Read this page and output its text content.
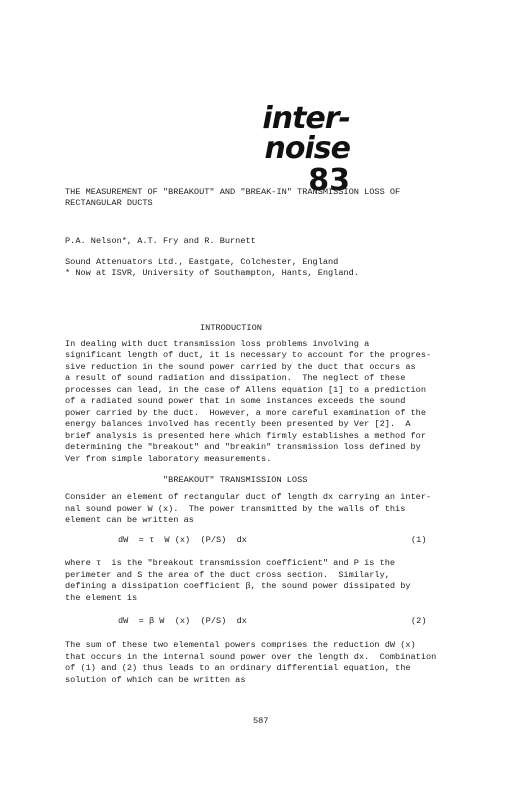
inter-noise
83
THE MEASUREMENT OF "BREAKOUT" AND "BREAK-IN" TRANSMISSION LOSS OF
RECTANGULAR DUCTS
P.A. Nelson*, A.T. Fry and R. Burnett
Sound Attenuators Ltd., Eastgate, Colchester, England
* Now at ISVR, University of Southampton, Hants, England.
INTRODUCTION
In dealing with duct transmission loss problems involving a
significant length of duct, it is necessary to account for the progres-
sive reduction in the sound power carried by the duct that occurs as
a result of sound radiation and dissipation.  The neglect of these
processes can lead, in the case of Allens equation [1] to a prediction
of a radiated sound power that in some instances exceeds the sound
power carried by the duct.  However, a more careful examination of the
energy balances involved has recently been presented by Ver [2].  A
brief analysis is presented here which firmly establishes a method for
determining the "breakout" and "breakin" transmission loss defined by
Ver from simple laboratory measurements.
"BREAKOUT" TRANSMISSION LOSS
Consider an element of rectangular duct of length dx carrying an inter-
nal sound power W (x).  The power transmitted by the walls of this
element can be written as
dW  = τ  W (x)  (P/S)  dx	(1)
where τ  is the "breakout transmission coefficient" and P is the
perimeter and S the area of the duct cross section.  Similarly,
defining a dissipation coefficient β, the sound power dissipated by
the element is
dW  = β W  (x)  (P/S)  dx	(2)
The sum of these two elemental powers comprises the reduction dW (x)
that occurs in the internal sound power over the length dx.  Combination
of (1) and (2) thus leads to an ordinary differential equation, the
solution of which can be written as
587
